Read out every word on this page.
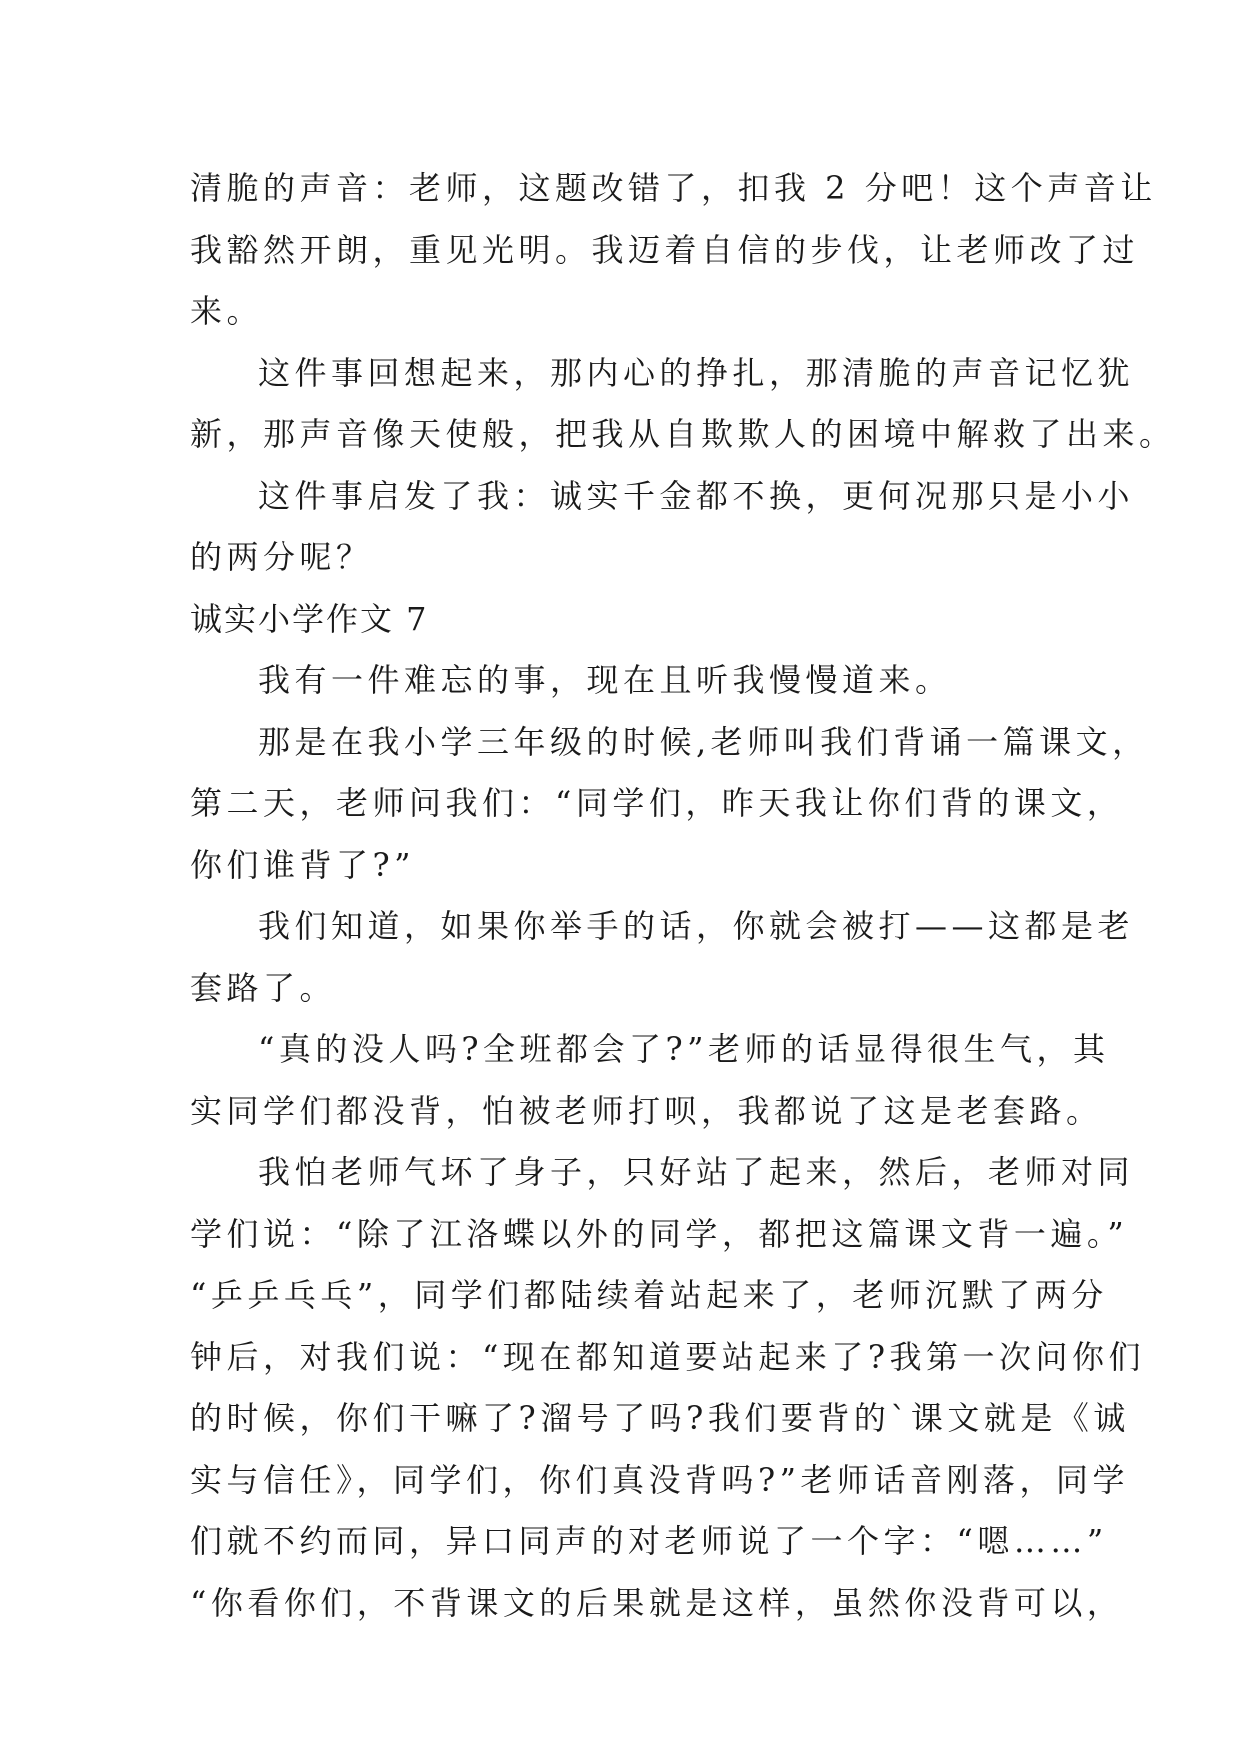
清脆的声音：老师，这题改错了，扣我 2 分吧！这个声音让
我豁然开朗，重见光明。我迈着自信的步伐，让老师改了过
来。
这件事回想起来，那内心的挣扎，那清脆的声音记忆犹
新，那声音像天使般，把我从自欺欺人的困境中解救了出来。
这件事启发了我：诚实千金都不换，更何况那只是小小
的两分呢？
诚实小学作文 7
我有一件难忘的事，现在且听我慢慢道来。
那是在我小学三年级的时候,老师叫我们背诵一篇课文，
第二天，老师问我们：“同学们，昨天我让你们背的课文，
你们谁背了?”
我们知道，如果你举手的话，你就会被打——这都是老
套路了。
“真的没人吗?全班都会了?”老师的话显得很生气，其
实同学们都没背，怕被老师打呗，我都说了这是老套路。
我怕老师气坏了身子，只好站了起来，然后，老师对同
学们说：“除了江洛蝶以外的同学，都把这篇课文背一遍。”
“乒乒乓乓”，同学们都陆续着站起来了，老师沉默了两分
钟后，对我们说：“现在都知道要站起来了?我第一次问你们
的时候，你们干嘛了?溜号了吗?我们要背的`课文就是《诚
实与信任》，同学们，你们真没背吗?”老师话音刚落，同学
们就不约而同，异口同声的对老师说了一个字：“嗯……”
“你看你们，不背课文的后果就是这样，虽然你没背可以，
